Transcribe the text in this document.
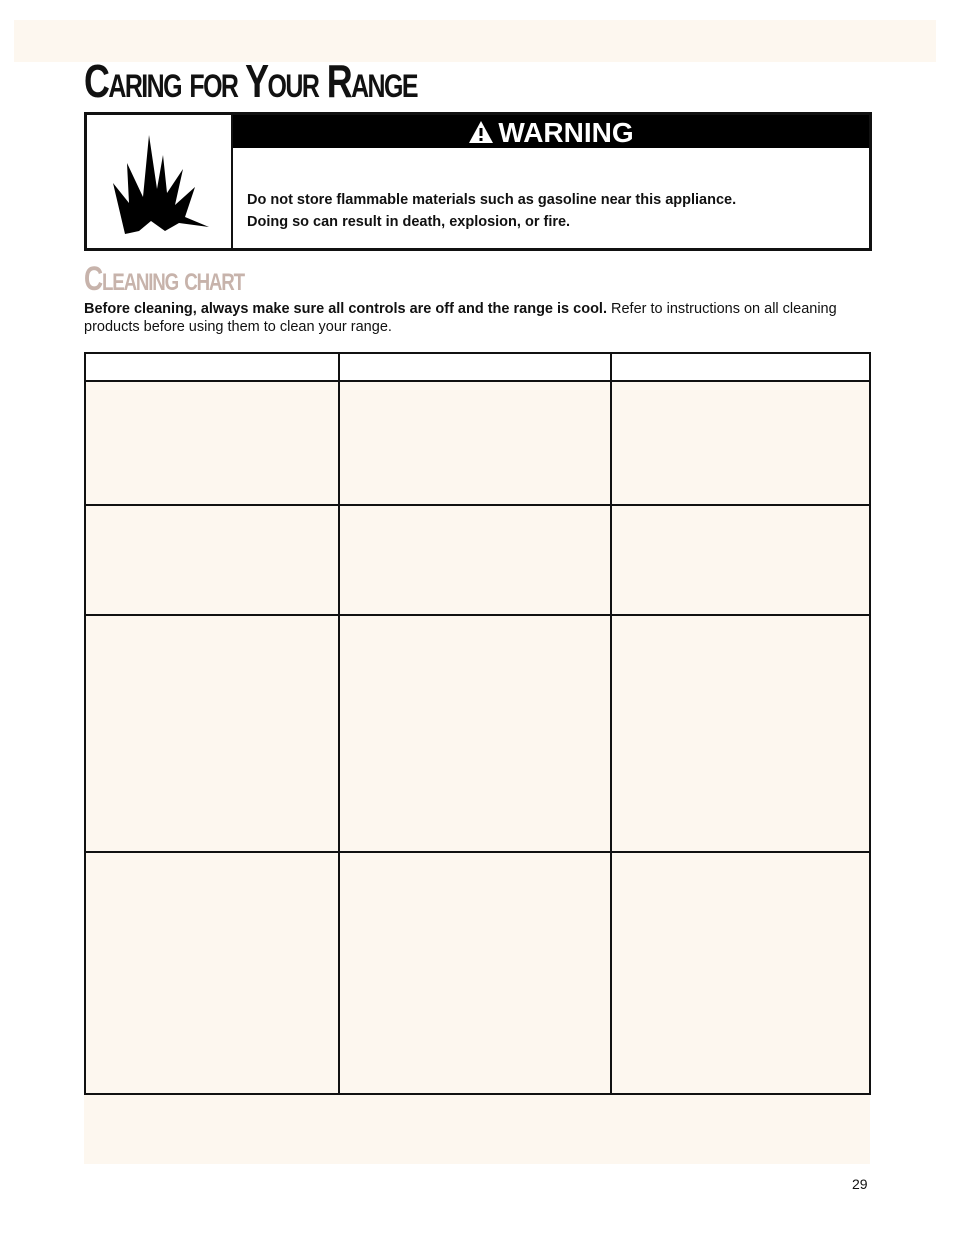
Caring for Your Range
WARNING
Do not store flammable materials such as gasoline near this appliance.
Doing so can result in death, explosion, or fire.
Cleaning chart
Before cleaning, always make sure all controls are off and the range is cool. Refer to instructions on all cleaning products before using them to clean your range.

29
